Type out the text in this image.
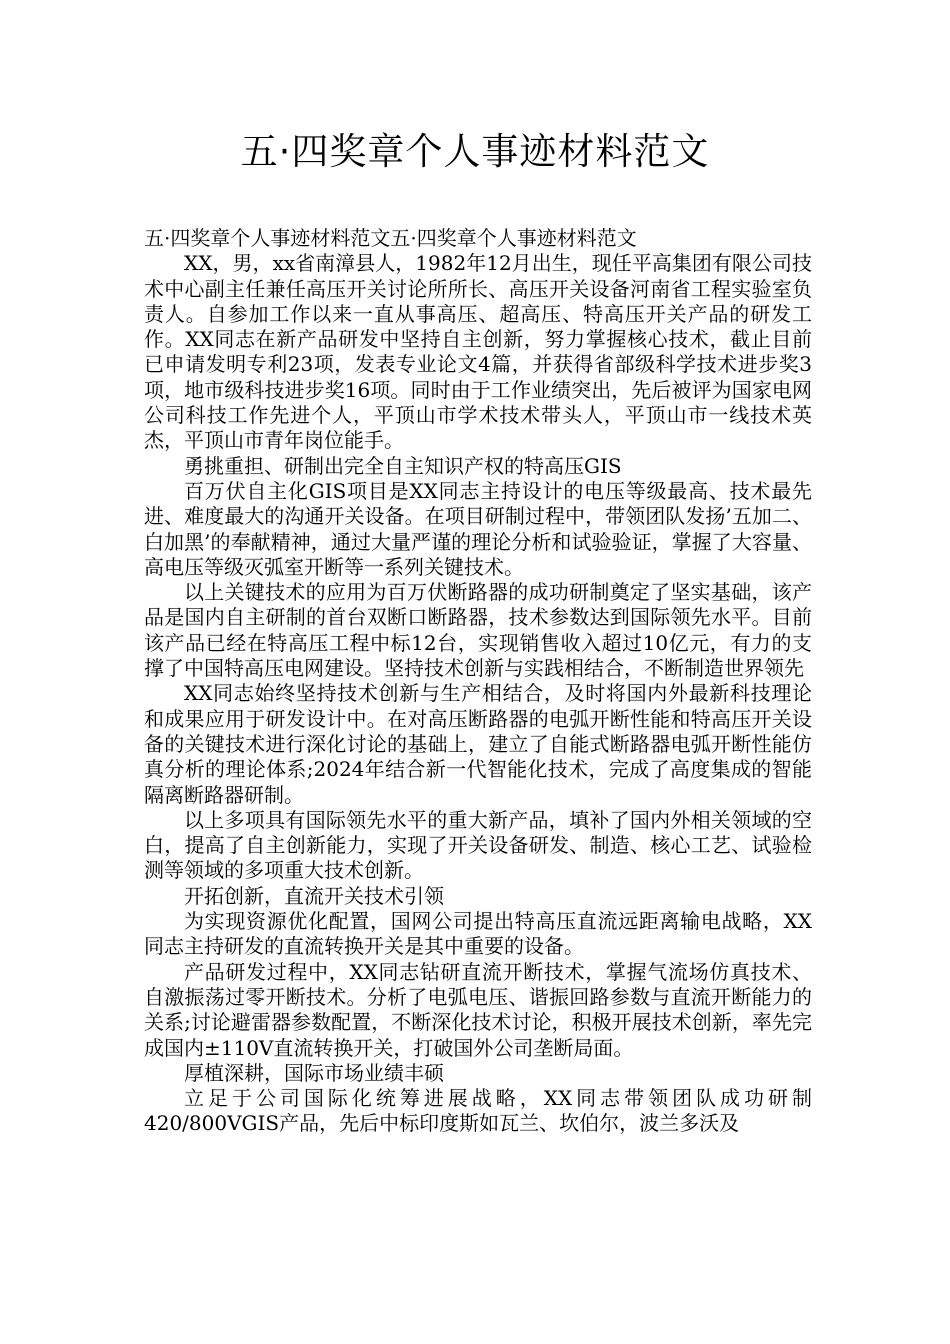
五·四奖章个人事迹材料范文

五·四奖章个人事迹材料范文五·四奖章个人事迹材料范文

XX，男，xx省南漳县人，1982年12月出生，现任平高集团有限公司技术中心副主任兼任高压开关讨论所所长、高压开关设备河南省工程实验室负责人。自参加工作以来一直从事高压、超高压、特高压开关产品的研发工作。XX同志在新产品研发中坚持自主创新，努力掌握核心技术，截止目前已申请发明专利23项，发表专业论文4篇，并获得省部级科学技术进步奖3项，地市级科技进步奖16项。同时由于工作业绩突出，先后被评为国家电网公司科技工作先进个人，平顶山市学术技术带头人，平顶山市一线技术英杰，平顶山市青年岗位能手。

勇挑重担、研制出完全自主知识产权的特高压GIS

百万伏自主化GIS项目是XX同志主持设计的电压等级最高、技术最先进、难度最大的沟通开关设备。在项目研制过程中，带领团队发扬’五加二、白加黑’的奉献精神，通过大量严谨的理论分析和试验验证，掌握了大容量、高电压等级灭弧室开断等一系列关键技术。

以上关键技术的应用为百万伏断路器的成功研制奠定了坚实基础，该产品是国内自主研制的首台双断口断路器，技术参数达到国际领先水平。目前该产品已经在特高压工程中标12台，实现销售收入超过10亿元，有力的支撑了中国特高压电网建设。坚持技术创新与实践相结合，不断制造世界领先

XX同志始终坚持技术创新与生产相结合，及时将国内外最新科技理论和成果应用于研发设计中。在对高压断路器的电弧开断性能和特高压开关设备的关键技术进行深化讨论的基础上，建立了自能式断路器电弧开断性能仿真分析的理论体系;2024年结合新一代智能化技术，完成了高度集成的智能隔离断路器研制。

以上多项具有国际领先水平的重大新产品，填补了国内外相关领域的空白，提高了自主创新能力，实现了开关设备研发、制造、核心工艺、试验检测等领域的多项重大技术创新。

开拓创新，直流开关技术引领

为实现资源优化配置，国网公司提出特高压直流远距离输电战略，XX同志主持研发的直流转换开关是其中重要的设备。

产品研发过程中，XX同志钻研直流开断技术，掌握气流场仿真技术、自激振荡过零开断技术。分析了电弧电压、谐振回路参数与直流开断能力的关系;讨论避雷器参数配置，不断深化技术讨论，积极开展技术创新，率先完成国内±110V直流转换开关，打破国外公司垄断局面。

厚植深耕，国际市场业绩丰硕

立足于公司国际化统筹进展战略，XX同志带领团队成功研制420/800VGIS产品，先后中标印度斯如瓦兰、坎伯尔，波兰多沃及
